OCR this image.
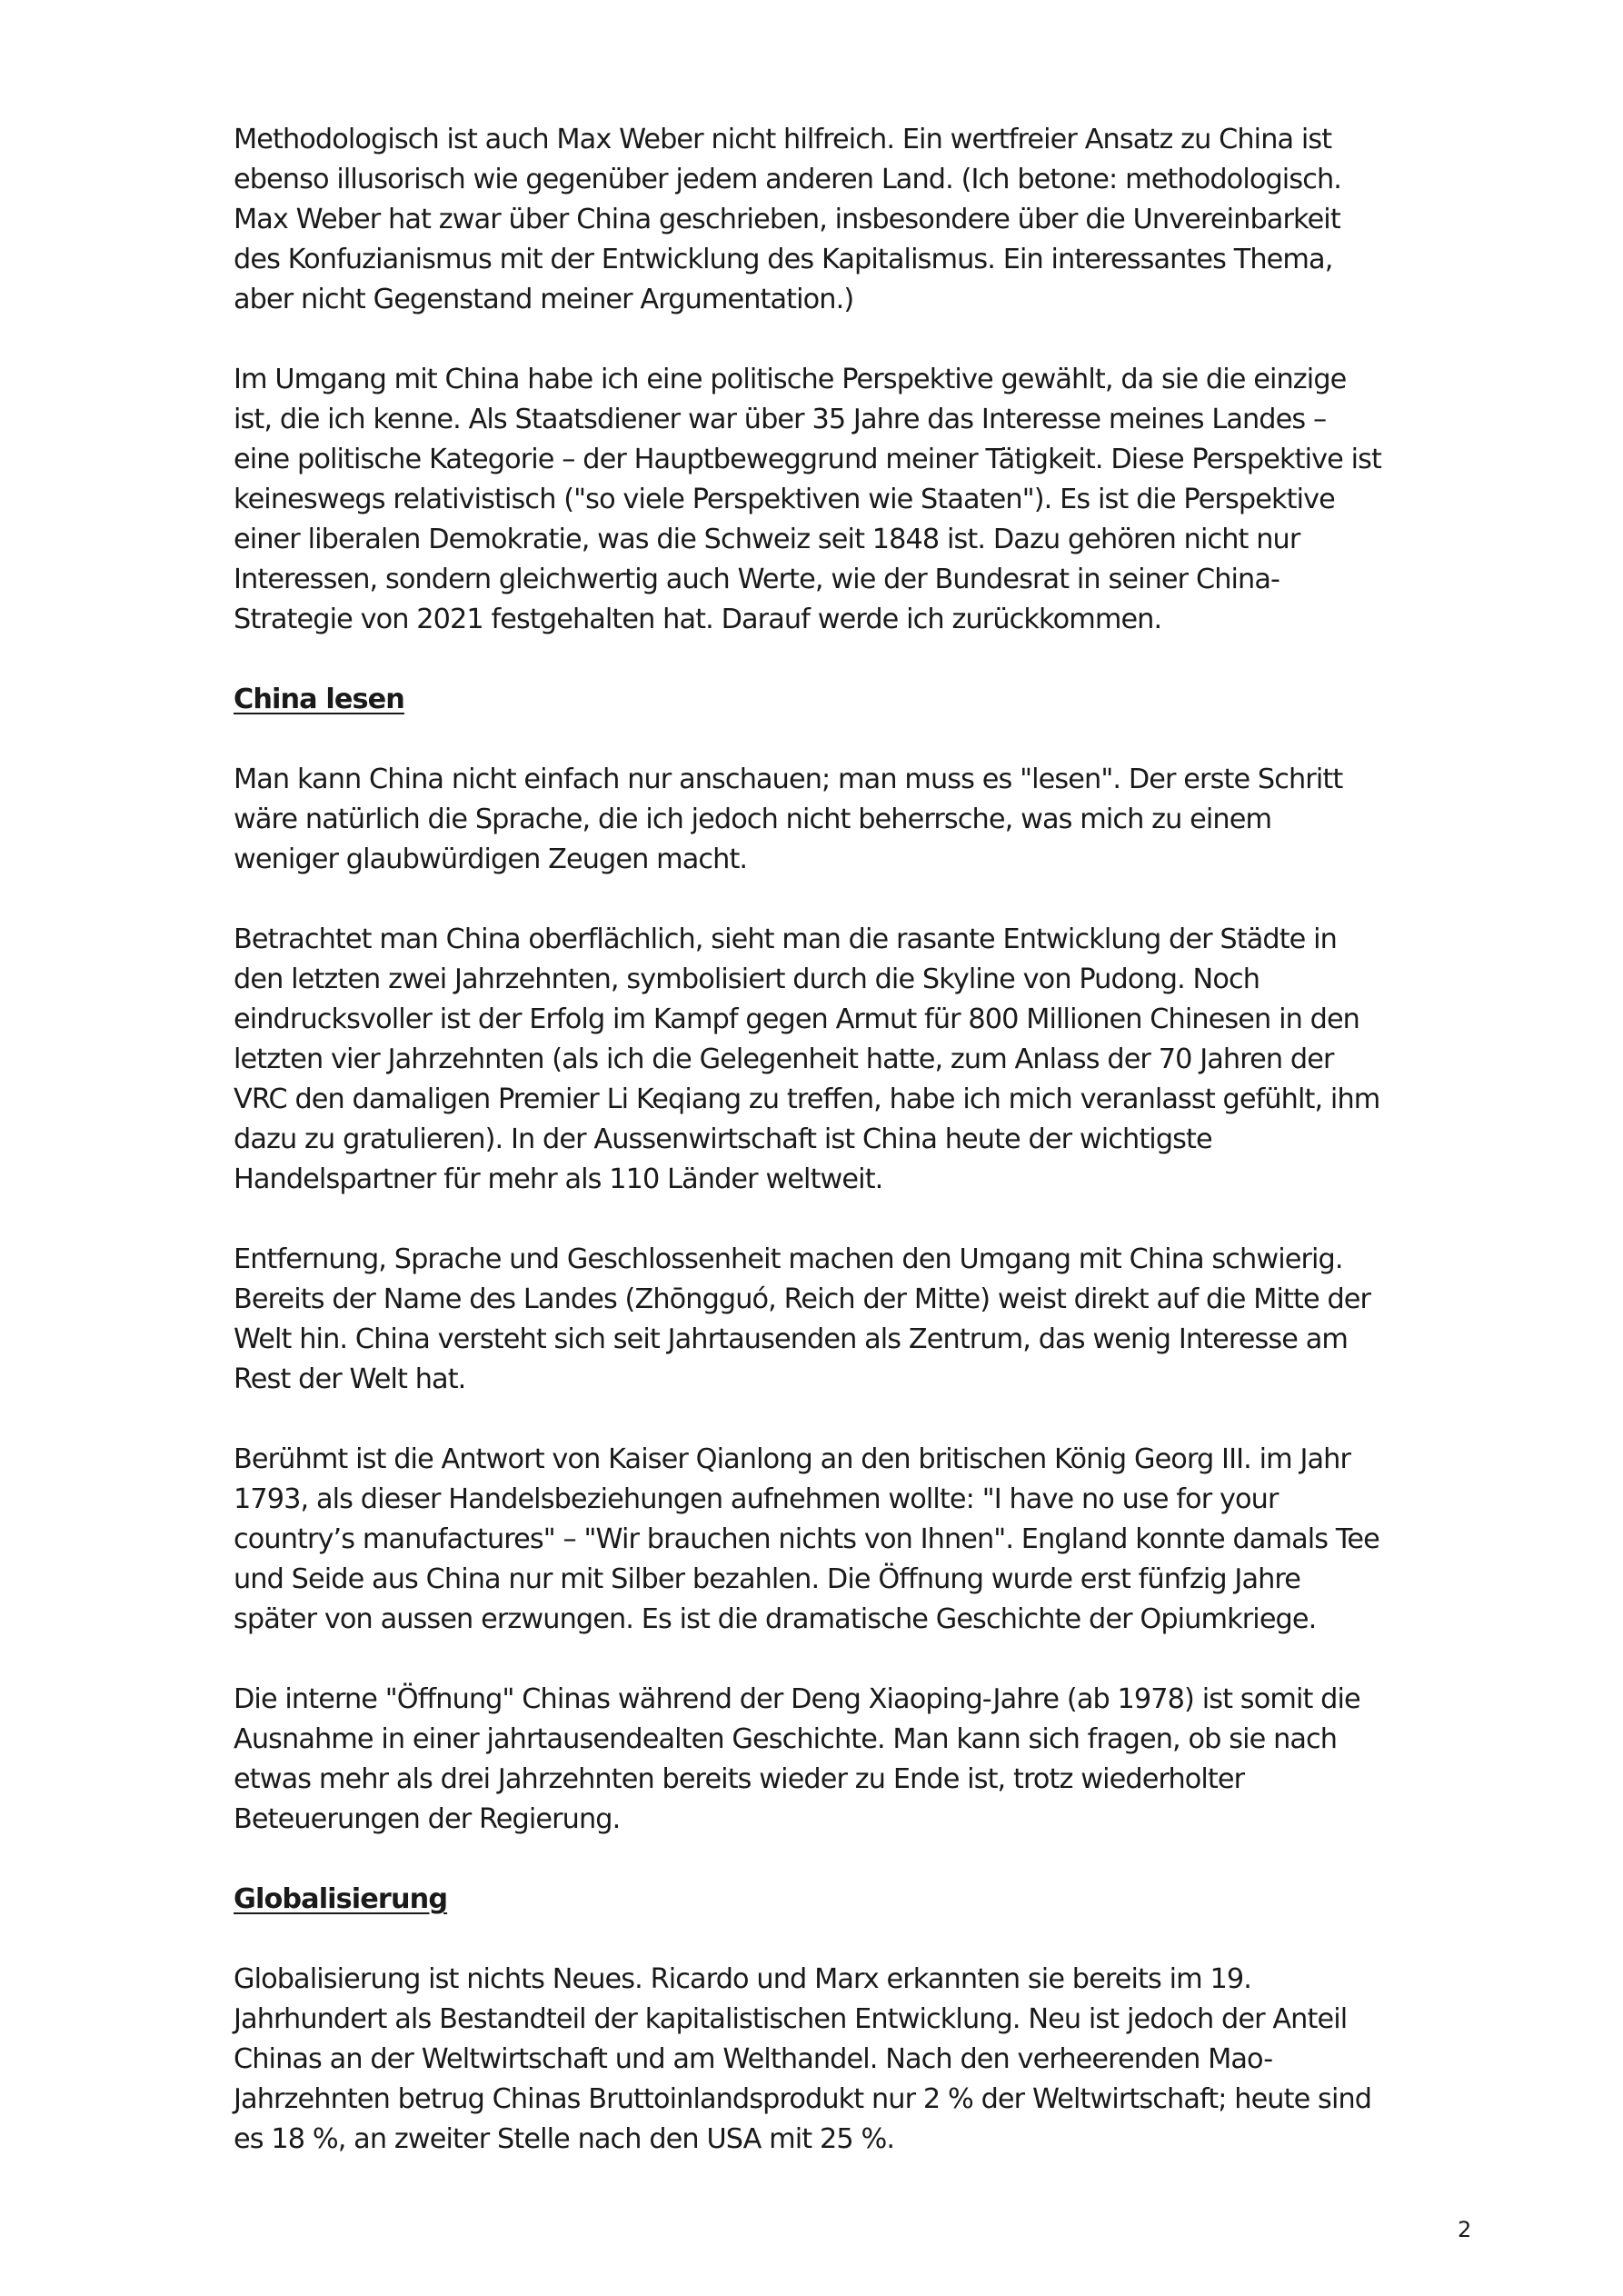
Methodologisch ist auch Max Weber nicht hilfreich. Ein wertfreier Ansatz zu China ist
ebenso illusorisch wie gegenüber jedem anderen Land. (Ich betone: methodologisch.
Max Weber hat zwar über China geschrieben, insbesondere über die Unvereinbarkeit
des Konfuzianismus mit der Entwicklung des Kapitalismus. Ein interessantes Thema,
aber nicht Gegenstand meiner Argumentation.)

Im Umgang mit China habe ich eine politische Perspektive gewählt, da sie die einzige
ist, die ich kenne. Als Staatsdiener war über 35 Jahre das Interesse meines Landes –
eine politische Kategorie – der Hauptbeweggrund meiner Tätigkeit. Diese Perspektive ist
keineswegs relativistisch ("so viele Perspektiven wie Staaten"). Es ist die Perspektive
einer liberalen Demokratie, was die Schweiz seit 1848 ist. Dazu gehören nicht nur
Interessen, sondern gleichwertig auch Werte, wie der Bundesrat in seiner China-
Strategie von 2021 festgehalten hat. Darauf werde ich zurückkommen.

China lesen

Man kann China nicht einfach nur anschauen; man muss es "lesen". Der erste Schritt
wäre natürlich die Sprache, die ich jedoch nicht beherrsche, was mich zu einem
weniger glaubwürdigen Zeugen macht.

Betrachtet man China oberflächlich, sieht man die rasante Entwicklung der Städte in
den letzten zwei Jahrzehnten, symbolisiert durch die Skyline von Pudong. Noch
eindrucksvoller ist der Erfolg im Kampf gegen Armut für 800 Millionen Chinesen in den
letzten vier Jahrzehnten (als ich die Gelegenheit hatte, zum Anlass der 70 Jahren der
VRC den damaligen Premier Li Keqiang zu treffen, habe ich mich veranlasst gefühlt, ihm
dazu zu gratulieren). In der Aussenwirtschaft ist China heute der wichtigste
Handelspartner für mehr als 110 Länder weltweit.

Entfernung, Sprache und Geschlossenheit machen den Umgang mit China schwierig.
Bereits der Name des Landes (Zhōngguó, Reich der Mitte) weist direkt auf die Mitte der
Welt hin. China versteht sich seit Jahrtausenden als Zentrum, das wenig Interesse am
Rest der Welt hat.

Berühmt ist die Antwort von Kaiser Qianlong an den britischen König Georg III. im Jahr
1793, als dieser Handelsbeziehungen aufnehmen wollte: "I have no use for your
country’s manufactures" – "Wir brauchen nichts von Ihnen". England konnte damals Tee
und Seide aus China nur mit Silber bezahlen. Die Öffnung wurde erst fünfzig Jahre
später von aussen erzwungen. Es ist die dramatische Geschichte der Opiumkriege.

Die interne "Öffnung" Chinas während der Deng Xiaoping-Jahre (ab 1978) ist somit die
Ausnahme in einer jahrtausendealten Geschichte. Man kann sich fragen, ob sie nach
etwas mehr als drei Jahrzehnten bereits wieder zu Ende ist, trotz wiederholter
Beteuerungen der Regierung.

Globalisierung

Globalisierung ist nichts Neues. Ricardo und Marx erkannten sie bereits im 19.
Jahrhundert als Bestandteil der kapitalistischen Entwicklung. Neu ist jedoch der Anteil
Chinas an der Weltwirtschaft und am Welthandel. Nach den verheerenden Mao-
Jahrzehnten betrug Chinas Bruttoinlandsprodukt nur 2 % der Weltwirtschaft; heute sind
es 18 %, an zweiter Stelle nach den USA mit 25 %.

2
